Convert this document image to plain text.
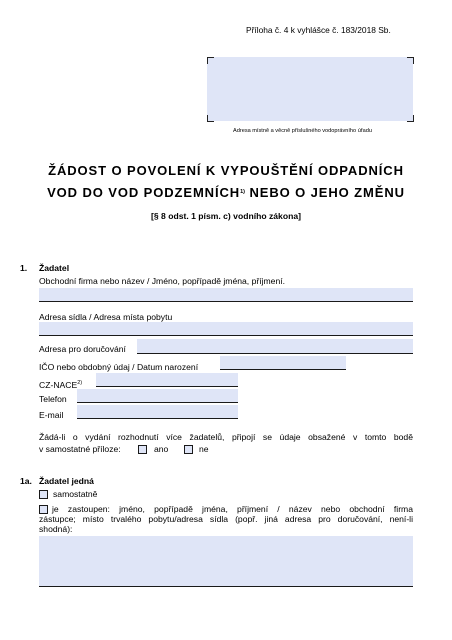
Příloha č. 4 k vyhlášce č. 183/2018 Sb.
Adresa místně a věcně příslušného vodoprávního úřadu
ŽÁDOST O POVOLENÍ K VYPOUŠTĚNÍ ODPADNÍCH
VOD DO VOD PODZEMNÍCH$^{1)}$ NEBO O JEHO ZMĚNU
[§ 8 odst. 1 písm. c) vodního zákona]
1. Žadatel
Obchodní firma nebo název / Jméno, popřípadě jména, příjmení.
Adresa sídla / Adresa místa pobytu
Adresa pro doručování
IČO nebo obdobný údaj / Datum narození
CZ-NACE$^{2)}$
Telefon
E-mail
Žádá-li o vydání rozhodnutí více žadatelů, připojí se údaje obsažené v tomto bodě
v samostatné příloze:	ano	ne
1a. Žadatel jedná
samostatně
je zastoupen: jméno, popřípadě jména, příjmení / název nebo obchodní firma
zástupce; místo trvalého pobytu/adresa sídla (popř. jiná adresa pro doručování, není-li
shodná):
